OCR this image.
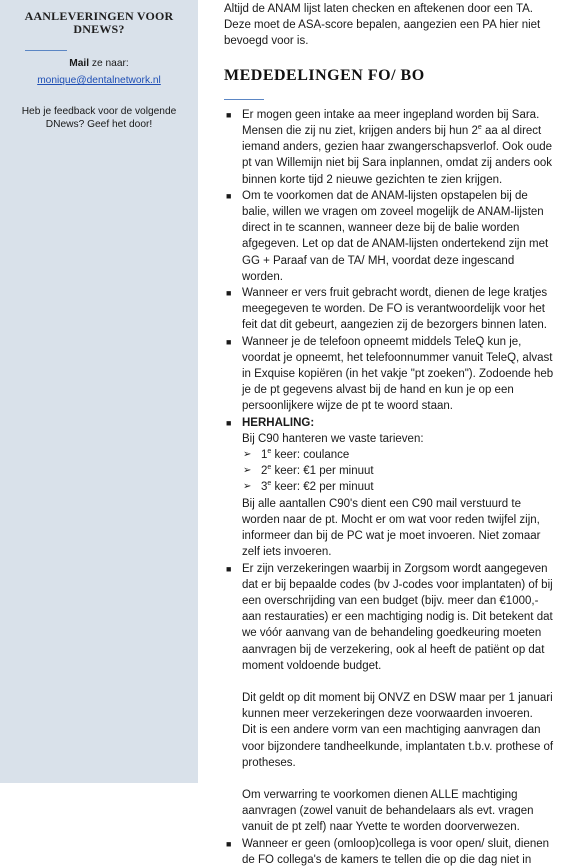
AANLEVERINGEN VOOR DNEWS?
Mail ze naar:
monique@dentalnetwork.nl
Heb je feedback voor de volgende DNews? Geef het door!
Altijd de ANAM lijst laten checken en aftekenen door een TA. Deze moet de ASA-score bepalen, aangezien een PA hier niet bevoegd voor is.
MEDEDELINGEN FO/ BO
■ Er mogen geen intake aa meer ingepland worden bij Sara. Mensen die zij nu ziet, krijgen anders bij hun 2e aa al direct iemand anders, gezien haar zwangerschapsverlof. Ook oude pt van Willemijn niet bij Sara inplannen, omdat zij anders ook binnen korte tijd 2 nieuwe gezichten te zien krijgen.
■ Om te voorkomen dat de ANAM-lijsten opstapelen bij de balie, willen we vragen om zoveel mogelijk de ANAM-lijsten direct in te scannen, wanneer deze bij de balie worden afgegeven. Let op dat de ANAM-lijsten ondertekend zijn met GG + Paraaf van de TA/ MH, voordat deze ingescand worden.
■ Wanneer er vers fruit gebracht wordt, dienen de lege kratjes meegegeven te worden. De FO is verantwoordelijk voor het feit dat dit gebeurt, aangezien zij de bezorgers binnen laten.
■ Wanneer je de telefoon opneemt middels TeleQ kun je, voordat je opneemt, het telefoonnummer vanuit TeleQ, alvast in Exquise kopiëren (in het vakje "pt zoeken"). Zodoende heb je de pt gegevens alvast bij de hand en kun je op een persoonlijkere wijze de pt te woord staan.
■ HERHALING:
Bij C90 hanteren we vaste tarieven:
➢ 1e keer: coulance
➢ 2e keer: €1 per minuut
➢ 3e keer: €2 per minuut
Bij alle aantallen C90's dient een C90 mail verstuurd te worden naar de pt. Mocht er om wat voor reden twijfel zijn, informeer dan bij de PC wat je moet invoeren. Niet zomaar zelf iets invoeren.
■ Er zijn verzekeringen waarbij in Zorgsom wordt aangegeven dat er bij bepaalde codes (bv J-codes voor implantaten) of bij een overschrijding van een budget (bijv. meer dan €1000,- aan restauraties) er een machtiging nodig is. Dit betekent dat we vóór aanvang van de behandeling goedkeuring moeten aanvragen bij de verzekering, ook al heeft de patiënt op dat moment voldoende budget.
Dit geldt op dit moment bij ONVZ en DSW maar per 1 januari kunnen meer verzekeringen deze voorwaarden invoeren.
Dit is een andere vorm van een machtiging aanvragen dan voor bijzondere tandheelkunde, implantaten t.b.v. prothese of protheses.
Om verwarring te voorkomen dienen ALLE machtiging aanvragen (zowel vanuit de behandelaars als evt. vragen vanuit de pt zelf) naar Yvette te worden doorverwezen.
■ Wanneer er geen (omloop)collega is voor open/ sluit, dienen de FO collega's de kamers te tellen die op die dag niet in
